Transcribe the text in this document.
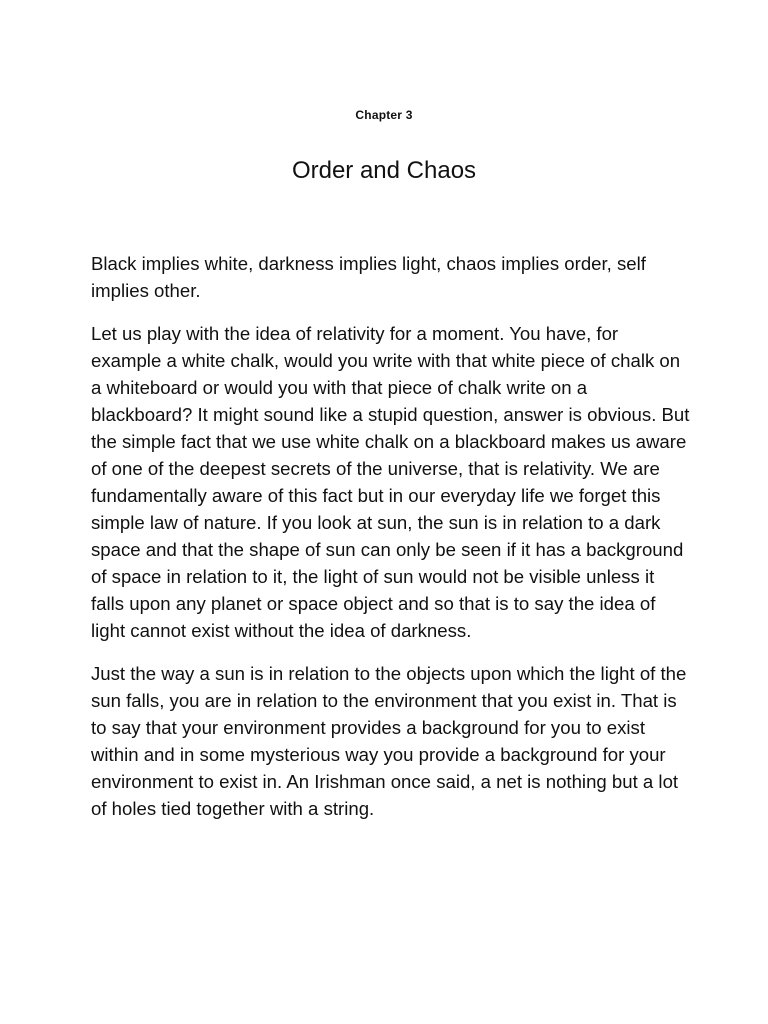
Chapter 3
Order and Chaos

Black implies white, darkness implies light, chaos implies order, self implies other.

Let us play with the idea of relativity for a moment. You have, for example a white chalk, would you write with that white piece of chalk on a whiteboard or would you with that piece of chalk write on a blackboard? It might sound like a stupid question, answer is obvious. But the simple fact that we use white chalk on a blackboard makes us aware of one of the deepest secrets of the universe, that is relativity. We are fundamentally aware of this fact but in our everyday life we forget this simple law of nature. If you look at sun, the sun is in relation to a dark space and that the shape of sun can only be seen if it has a background of space in relation to it, the light of sun would not be visible unless it falls upon any planet or space object and so that is to say the idea of light cannot exist without the idea of darkness.

Just the way a sun is in relation to the objects upon which the light of the sun falls, you are in relation to the environment that you exist in. That is to say that your environment provides a background for you to exist within and in some mysterious way you provide a background for your environment to exist in. An Irishman once said, a net is nothing but a lot of holes tied together with a string.
